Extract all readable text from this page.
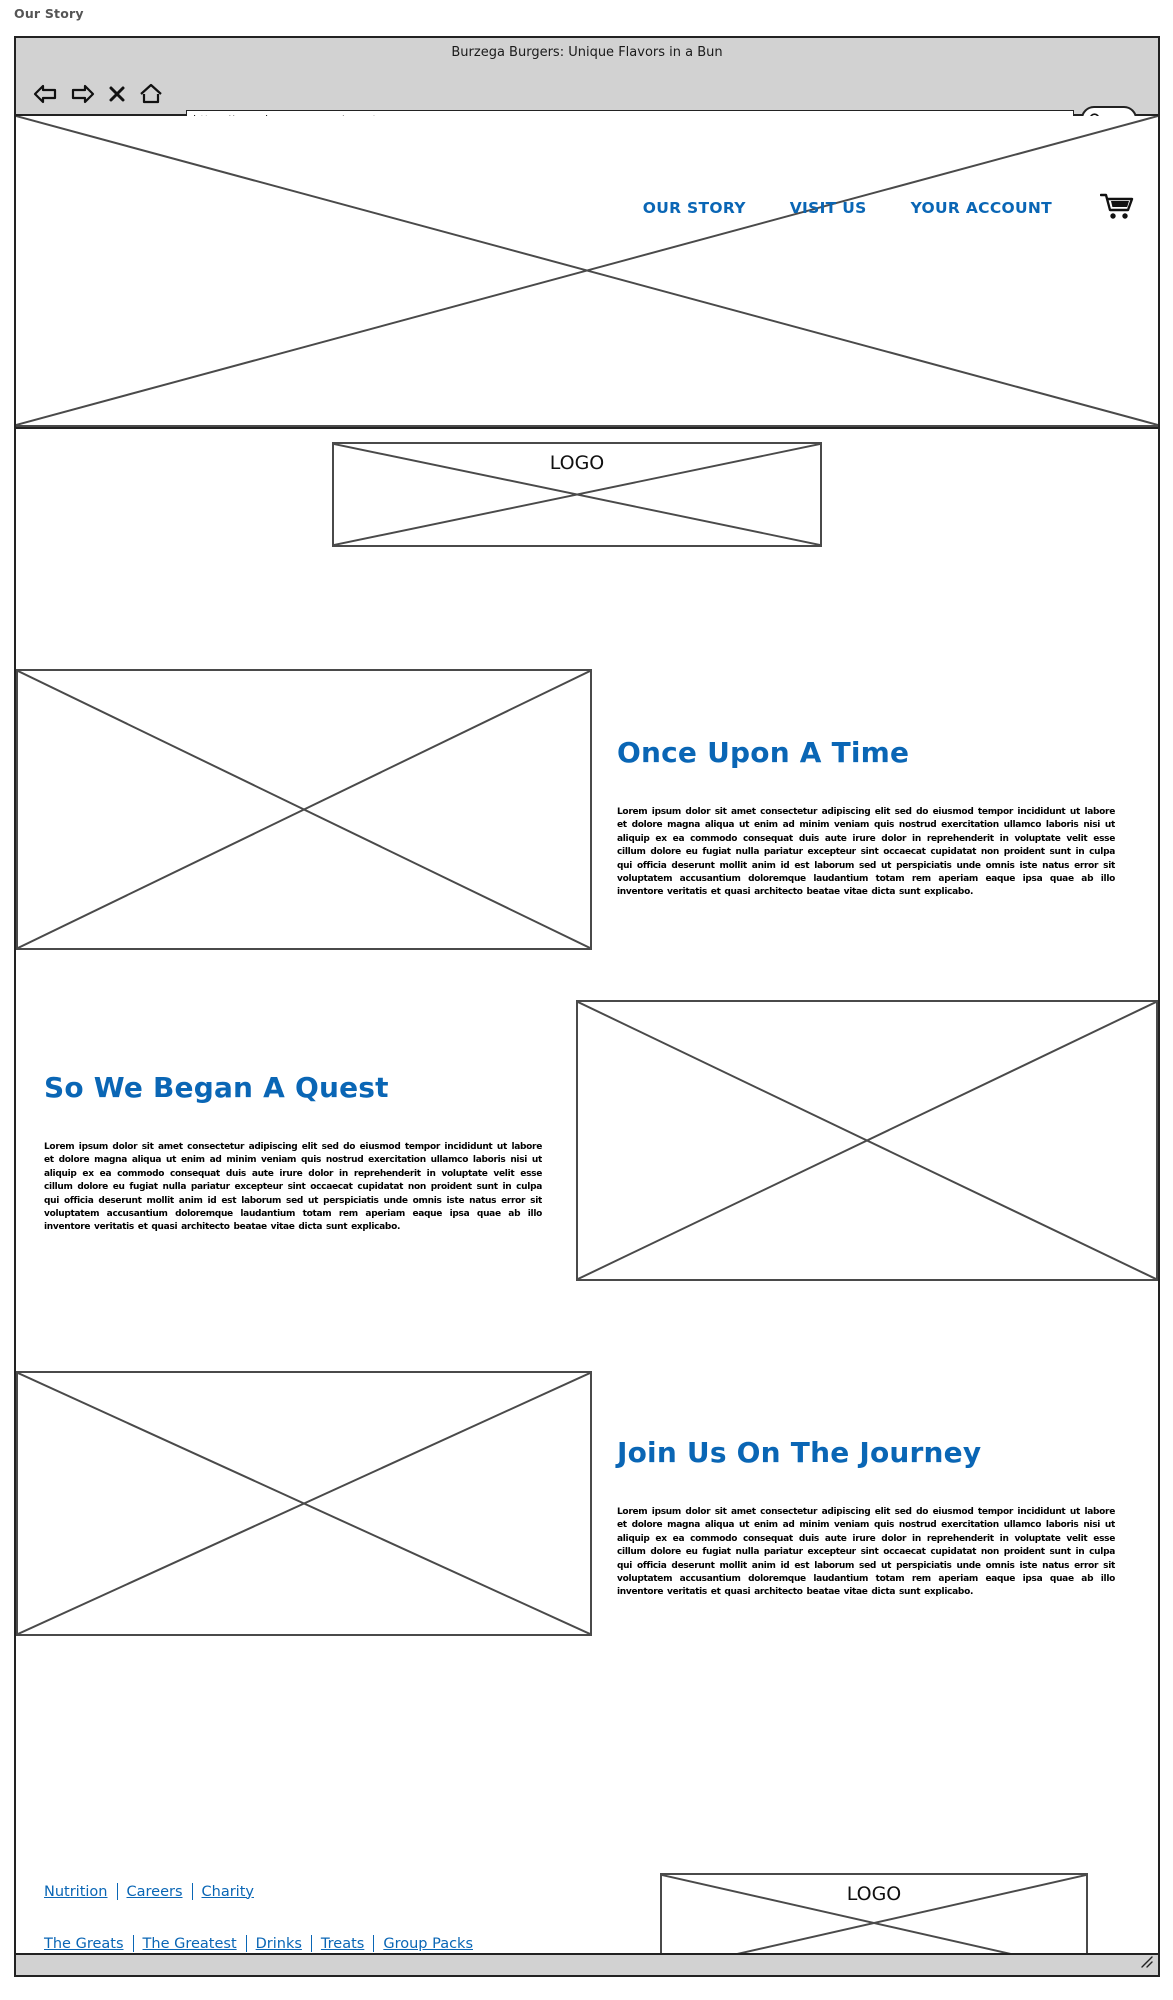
Our Story
Burzega Burgers: Unique Flavors in a Bun
OUR STORY	VISIT US	YOUR ACCOUNT
LOGO
Once Upon A Time
Lorem ipsum dolor sit amet consectetur adipiscing elit sed do eiusmod tempor incididunt ut labore et dolore magna aliqua ut enim ad minim veniam quis nostrud exercitation ullamco laboris nisi ut aliquip ex ea commodo consequat duis aute irure dolor in reprehenderit in voluptate velit esse cillum dolore eu fugiat nulla pariatur excepteur sint occaecat cupidatat non proident sunt in culpa qui officia deserunt mollit anim id est laborum sed ut perspiciatis unde omnis iste natus error sit voluptatem accusantium doloremque laudantium totam rem aperiam eaque ipsa quae ab illo inventore veritatis et quasi architecto beatae vitae dicta sunt explicabo.
So We Began A Quest
Lorem ipsum dolor sit amet consectetur adipiscing elit sed do eiusmod tempor incididunt ut labore et dolore magna aliqua ut enim ad minim veniam quis nostrud exercitation ullamco laboris nisi ut aliquip ex ea commodo consequat duis aute irure dolor in reprehenderit in voluptate velit esse cillum dolore eu fugiat nulla pariatur excepteur sint occaecat cupidatat non proident sunt in culpa qui officia deserunt mollit anim id est laborum sed ut perspiciatis unde omnis iste natus error sit voluptatem accusantium doloremque laudantium totam rem aperiam eaque ipsa quae ab illo inventore veritatis et quasi architecto beatae vitae dicta sunt explicabo.
Join Us On The Journey
Lorem ipsum dolor sit amet consectetur adipiscing elit sed do eiusmod tempor incididunt ut labore et dolore magna aliqua ut enim ad minim veniam quis nostrud exercitation ullamco laboris nisi ut aliquip ex ea commodo consequat duis aute irure dolor in reprehenderit in voluptate velit esse cillum dolore eu fugiat nulla pariatur excepteur sint occaecat cupidatat non proident sunt in culpa qui officia deserunt mollit anim id est laborum sed ut perspiciatis unde omnis iste natus error sit voluptatem accusantium doloremque laudantium totam rem aperiam eaque ipsa quae ab illo inventore veritatis et quasi architecto beatae vitae dicta sunt explicabo.
Nutrition	Careers	Charity
The Greats	The Greatest	Drinks	Treats	Group Packs
LOGO
